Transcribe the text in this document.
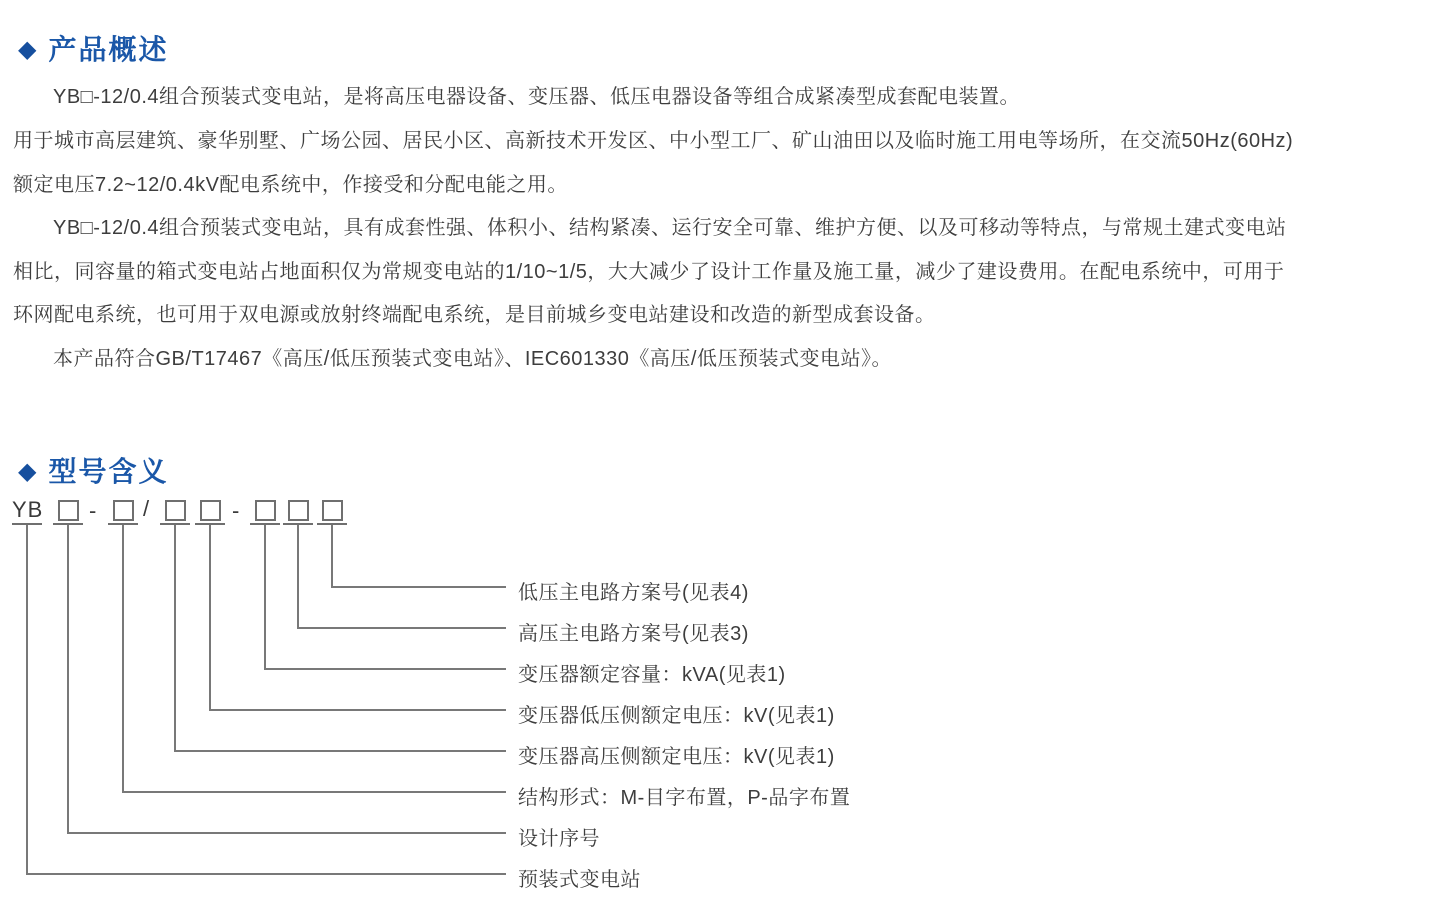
◆ 产品概述
YB□-12/0.4组合预装式变电站，是将高压电器设备、变压器、低压电器设备等组合成紧凑型成套配电装置。
用于城市高层建筑、豪华别墅、广场公园、居民小区、高新技术开发区、中小型工厂、矿山油田以及临时施工用电等场所，在交流50Hz(60Hz)
额定电压7.2~12/0.4kV配电系统中，作接受和分配电能之用。
YB□-12/0.4组合预装式变电站，具有成套性强、体积小、结构紧凑、运行安全可靠、维护方便、以及可移动等特点，与常规土建式变电站
相比，同容量的箱式变电站占地面积仅为常规变电站的1/10~1/5，大大减少了设计工作量及施工量，减少了建设费用。在配电系统中，可用于
环网配电系统，也可用于双电源或放射终端配电系统，是目前城乡变电站建设和改造的新型成套设备。
本产品符合GB/T17467《高压/低压预装式变电站》、IEC601330《高压/低压预装式变电站》。
◆ 型号含义
YB - /	-
低压主电路方案号(见表4)
高压主电路方案号(见表3)
变压器额定容量：kVA(见表1)
变压器低压侧额定电压：kV(见表1)
变压器高压侧额定电压：kV(见表1)
结构形式：M-目字布置，P-品字布置
设计序号
预装式变电站
